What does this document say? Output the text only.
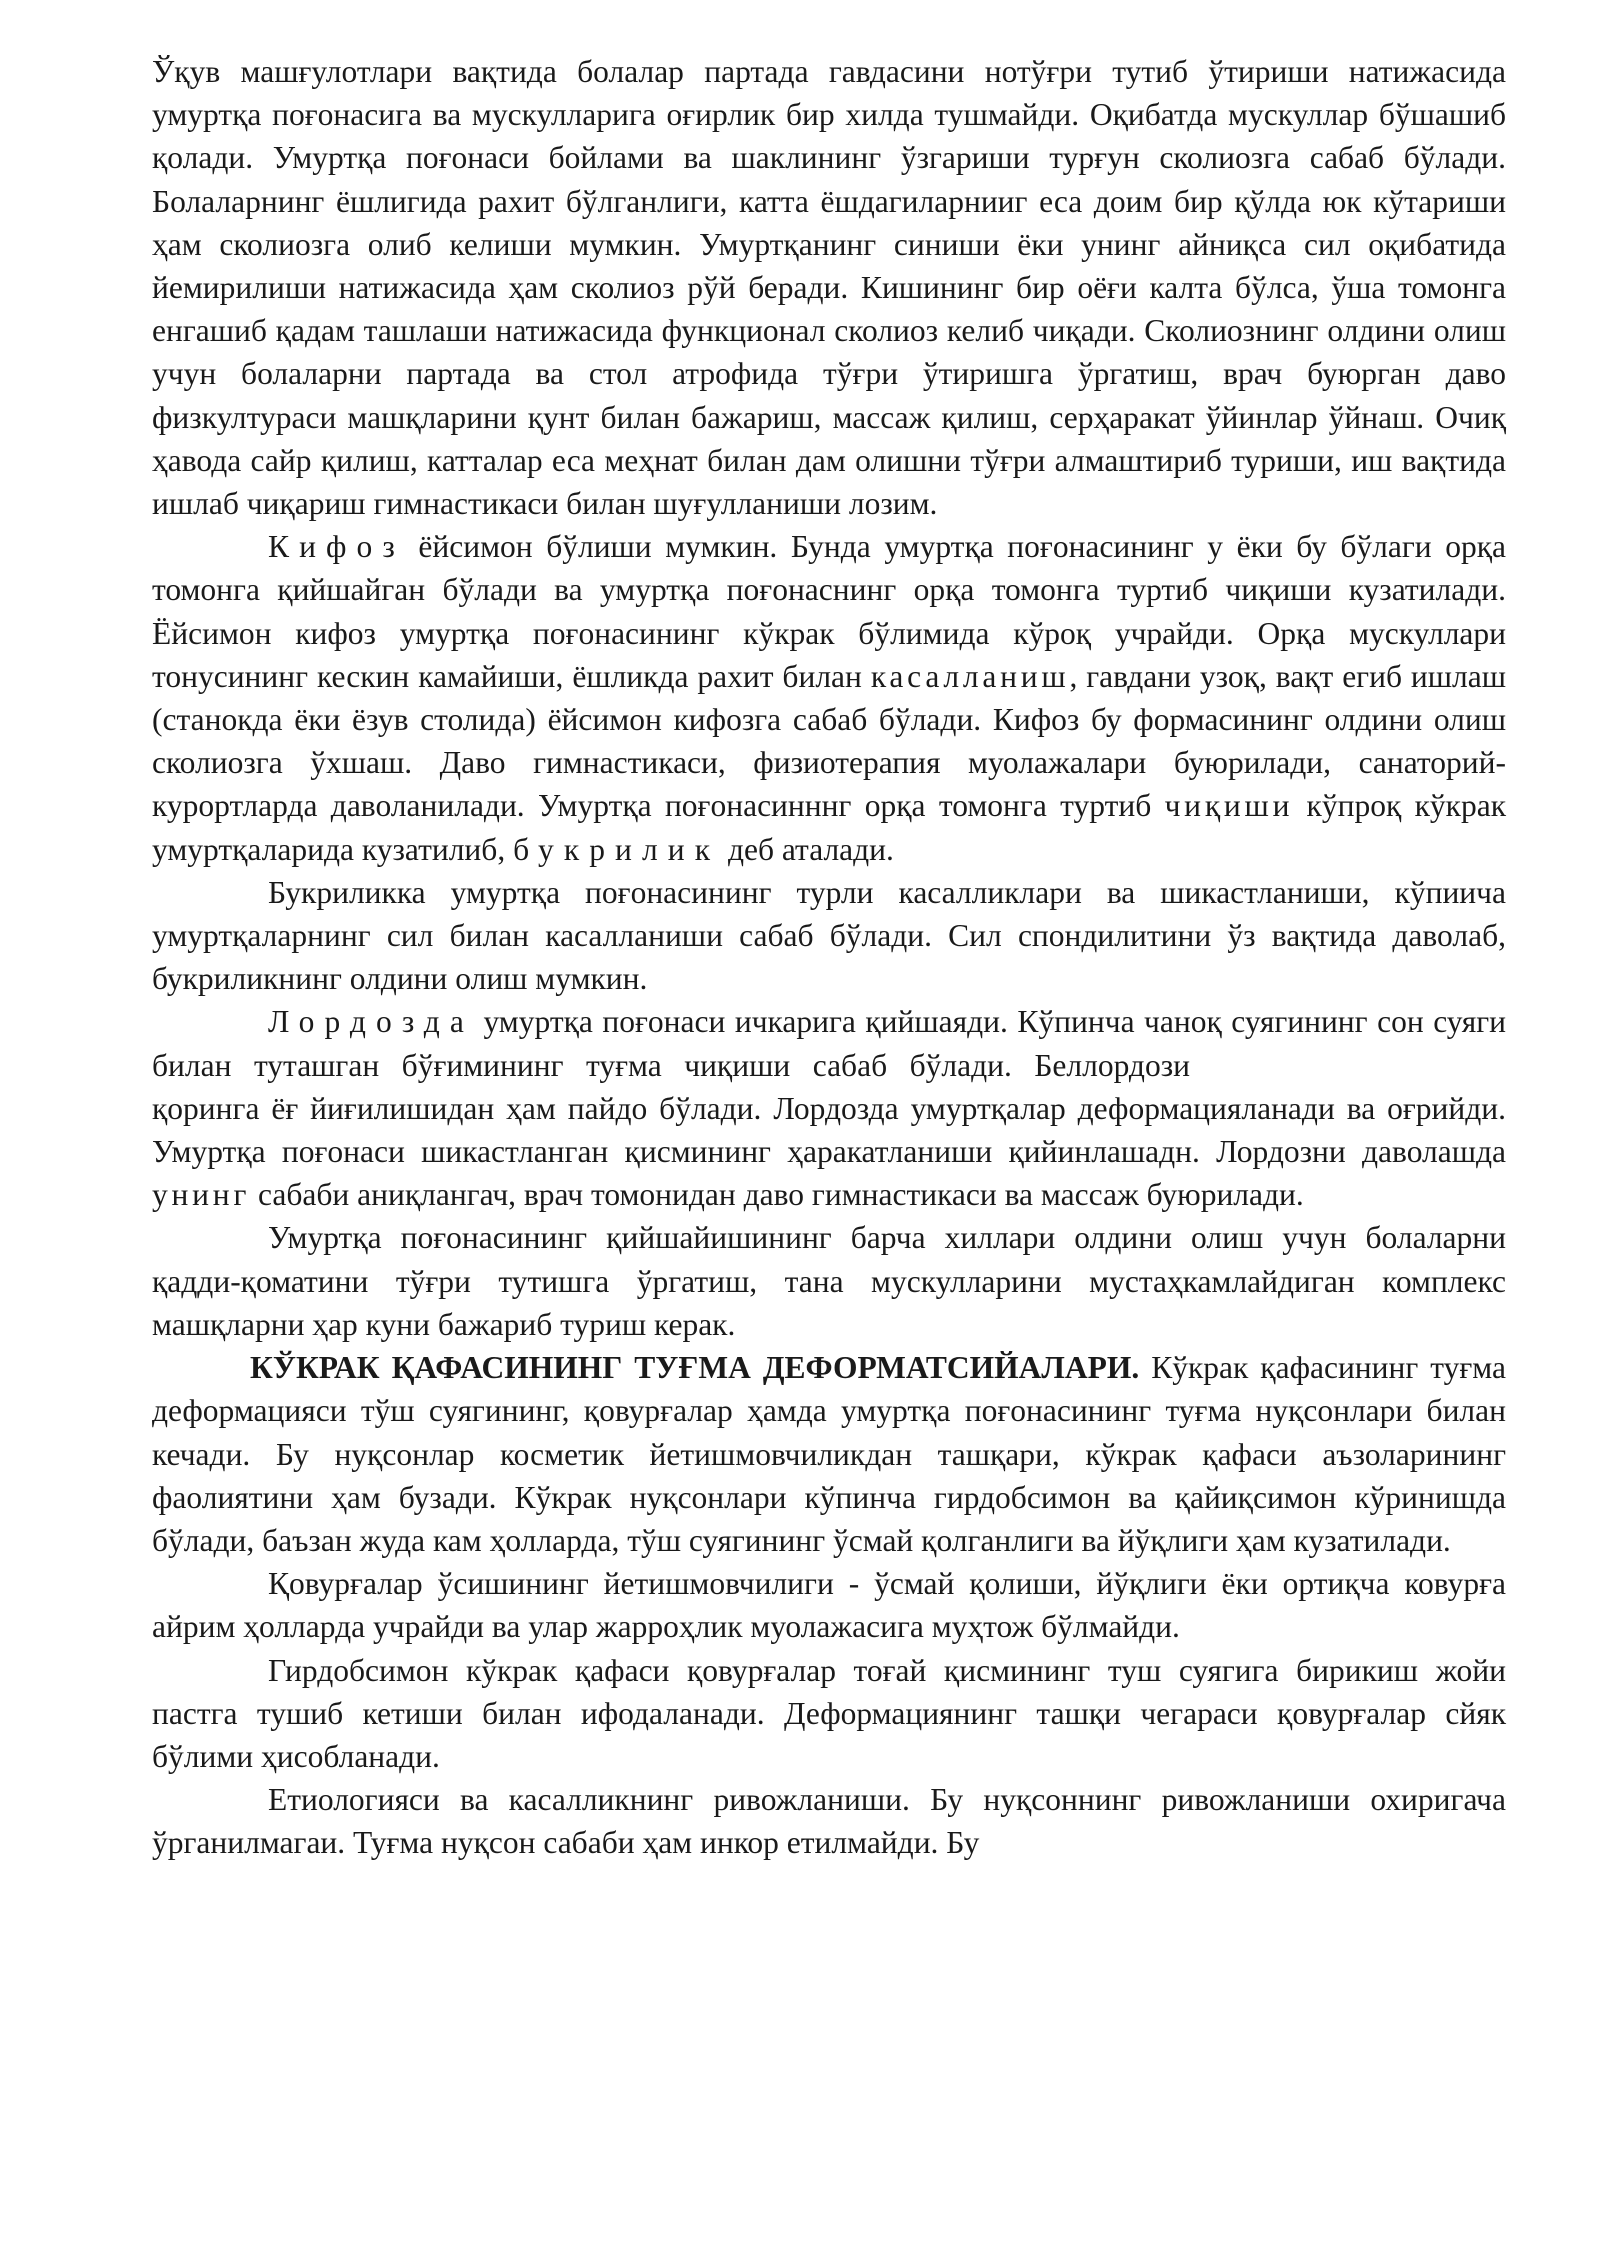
Ўқув машғулотлари вақтида болалар партада гавдасини нотўғри тутиб ўтириши натижасида умуртқа поғонасига ва мускулларига оғирлик бир хилда тушмайди. Оқибатда мускуллар бўшашиб қолади. Умуртқа поғонаси бойлами ва шаклининг ўзгариши турғун сколиозга сабаб бўлади. Болаларнинг ёшлигида рахит бўлганлиги, катта ёшдагиларнииг еса доим бир қўлда юк кўтариши ҳам сколиозга олиб келиши мумкин. Умуртқанинг синиши ёки унинг айниқса сил оқибатида йемирилиши натижасида ҳам сколиоз рўй беради. Кишининг бир оёғи калта бўлса, ўша томонга енгашиб қадам ташлаши натижасида функционал сколиоз келиб чиқади. Сколиознинг олдини олиш учун болаларни партада ва стол атрофида тўғри ўтиришга ўргатиш, врач буюрган даво физкултураси машқларини қунт билан бажариш, массаж қилиш, серҳаракат ўйинлар ўйнаш. Очиқ ҳавода сайр қилиш, катталар еса меҳнат билан дам олишни тўғри алмаштириб туриши, иш вақтида ишлаб чиқариш гимнастикаси билан шуғулланиши лозим.

Кифоз ёйсимон бўлиши мумкин. Бунда умуртқа поғонасининг у ёки бу бўлаги орқа томонга қийшайган бўлади ва умуртқа поғонаснинг орқа томонга туртиб чиқиши кузатилади. Ёйсимон кифоз умуртқа поғонасининг кўкрак бўлимида кўроқ учрайди. Орқа мускуллари тонусининг кескин камайиши, ёшликда рахит билан касалланиш, гавдани узоқ, вақт егиб ишлаш (станокда ёки ёзув столида) ёйсимон кифозга сабаб бўлади. Кифоз бу формасининг олдини олиш сколиозга ўхшаш. Даво гимнастикаси, физиотерапия муолажалари буюрилади, санаторий-курортларда даволанилади. Умуртқа поғонасинннг орқа томонга туртиб чиқиши кўпроқ кўкрак умуртқаларида кузатилиб, букрилик деб аталади.

Букриликка умуртқа поғонасининг турли касалликлари ва шикастланиши, кўпиича умуртқаларнинг сил билан касалланиши сабаб бўлади. Сил спондилитини ўз вақтида даволаб, букриликнинг олдини олиш мумкин.

Лордозда умуртқа поғонаси ичкарига қийшаяди. Кўпинча чаноқ суягининг сон суяги билан туташган бўғимининг туғма чиқиши сабаб бўлади. Беллордозиқоринга ёғ йиғилишидан ҳам пайдо бўлади. Лордозда умуртқалар деформацияланади ва оғрийди. Умуртқа поғонаси шикастланган қисмининг ҳаракатланиши қийинлашадн. Лордозни даволашда унинг сабаби аниқлангач, врач томонидан даво гимнастикаси ва массаж буюрилади.

Умуртқа поғонасининг қийшайишининг барча хиллари олдини олиш учун болаларни қадди-қоматини тўғри тутишга ўргатиш, тана мускулларини мустаҳкамлайдиган комплекс машқларни ҳар куни бажариб туриш керак.

КЎКРАК ҚАФАСИНИНГ ТУҒМА ДЕФОРМАТСИЙАЛАРИ. Кўкрак қафасининг туғма деформацияси тўш суягининг, қовурғалар ҳамда умуртқа поғонасининг туғма нуқсонлари билан кечади. Бу нуқсонлар косметик йетишмовчиликдан ташқари, кўкрак қафаси аъзоларининг фаолиятини ҳам бузади. Кўкрак нуқсонлари кўпинча гирдобсимон ва қайиқсимон кўринишда бўлади, баъзан жуда кам ҳолларда, тўш суягининг ўсмай қолганлиги ва йўқлиги ҳам кузатилади.

Қовурғалар ўсишининг йетишмовчилиги - ўсмай қолиши, йўқлиги ёки ортиқча ковурға айрим ҳолларда учрайди ва улар жарроҳлик муолажасига муҳтож бўлмайди.

Гирдобсимон кўкрак қафаси қовурғалар тоғай қисмининг туш суягига бирикиш жойи пастга тушиб кетиши билан ифодаланади. Деформациянинг ташқи чегараси қовурғалар сйяк бўлими ҳисобланади.

Етиологияси ва касалликнинг ривожланиши. Бу нуқсоннинг ривожланиши охиригача ўрганилмагаи. Туғма нуқсон сабаби ҳам инкор етилмайди. Бу
